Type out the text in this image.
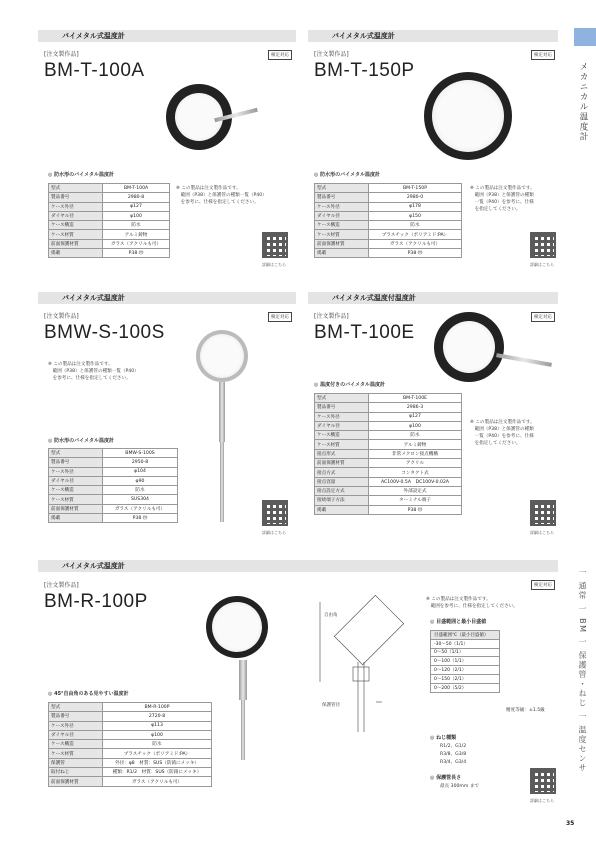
メカニカル温度計
一 通常 一 BM 一 保護管・ねじ 一 温度センサ
35
バイメタル式温度計
[注文製作品]	検定対応
BM-T-100A
◎ 防水形のバイメタル温度計
型式	BM-T-100A
製品番号	2980-8
ケース外径	φ127
ダイヤル径	φ100
ケース構造	防水
ケース材質	アルミ鋳物
前面保護材質	ガラス（アクリルも可）
掲載	P38 ㊃
※ この製品は注文製作品です。
　範囲（P38）と保護管の種類一覧（P40）
　を参考に、仕様を指定してください。
詳細はこちら
バイメタル式温度計
[注文製作品]	検定対応
BM-T-150P
◎ 防水形のバイメタル温度計
型式	BM-T-150P
製品番号	2980-0
ケース外径	φ178
ダイヤル径	φ150
ケース構造	防水
ケース材質	プラスチック（ポリアミド:PA）
前面保護材質	ガラス（アクリルも可）
掲載	P38 ㊃
※ この製品は注文製作品です。
　範囲（P38）と保護管の種類
　一覧（P40）を参考に、仕様
　を指定してください。
詳細はこちら
バイメタル式温度計
[注文製作品]	検定対応
BMW-S-100S
※ この製品は注文製作品です。
　範囲（P38）と保護管の種類一覧（P40）
　を参考に、仕様を指定してください。
◎ 防水形のバイメタル温度計
型式	BMW-S-100S
製品番号	2950-8
ケース外径	φ104
ダイヤル径	φ90
ケース構造	防水
ケース材質	SUS304
前面保護材質	ガラス（アクリルも可）
掲載	P38 ㊃
詳細はこちら
バイメタル式温度付温度計
[注文製作品]	検定対応
BM-T-100E
◎ 温度付きのバイメタル温度計
型式	BM-T-100E
製品番号	2986-3
ケース外径	φ127
ダイヤル径	φ100
ケース構造	防水
ケース材質	アルミ鋳物
接点形式	非常メクロン接点機構
前面保護材質	アクリル
接点方式	コンタクト式
接点容量	AC100V-0.5A　DC100V-0.02A
接点設定方式	外部設定式
接続端子方法	ターミナル端子
掲載	P38 ㊃
※ この製品は注文製作品です。
　範囲（P38）と保護管の種類
　一覧（P40）を参考に、仕様
　を指定してください。
詳細はこちら
バイメタル式温度計
[注文製作品]	検定対応
BM-R-100P
自由角
保護管径
※ この製品は注文製作品です。
　範囲を参考に、仕様を指定してください。
◎ 目盛範囲と最小目盛値
目盛範囲℃（最小目盛値）
-30〜50（1/1）
0〜50（1/1）
0〜100（1/1）
0〜120（2/1）
0〜150（2/1）
0〜200（5/2）
精度等級：±1.5級
◎ ねじ種類
R1/2、G1/2
R3/8、G3/8
R3/4、G3/4
◎ 保護管長さ
最長 300mm まで
詳細はこちら
◎ 45°自由角のある見やすい温度計
型式	BM-R-100P
製品番号	2720-8
ケース外径	φ113
ダイヤル径	φ100
ケース構造	防水
ケース材質	プラスチック（ポリアミド:PA）
保護管	外径：φ8　材質：SUS（防錆にメッキ）
取付ねじ	種類：R1/2　材質：SUS（防錆にメッキ）
前面保護材質	ガラス（アクリルも可）
